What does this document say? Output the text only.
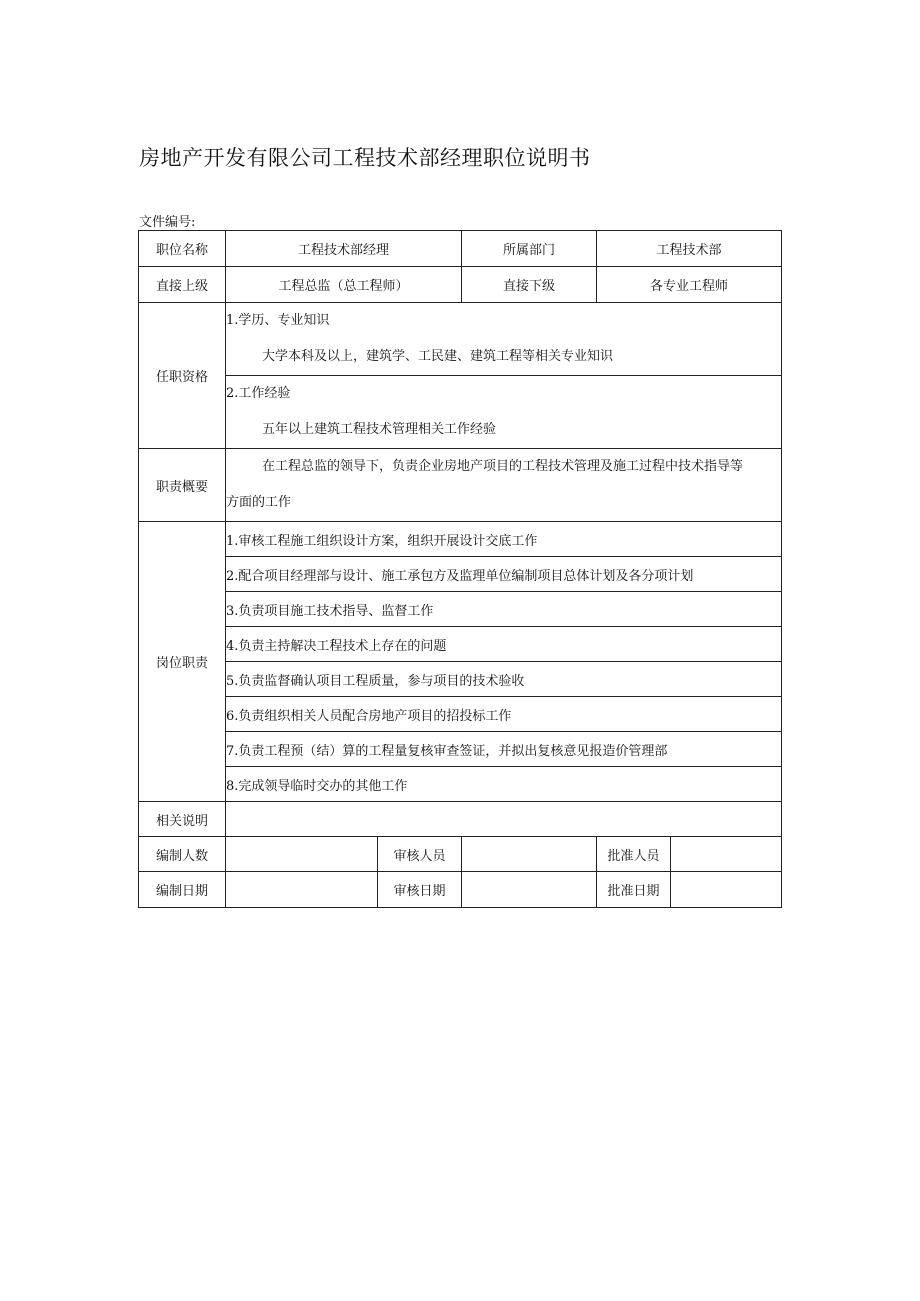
房地产开发有限公司工程技术部经理职位说明书
文件编号:
职位名称	工程技术部经理		所属部门	工程技术部	
直接上级	工程总监（总工程师）		直接下级	各专业工程师	
任职资格	1.学历、专业知识
大学本科及以上，建筑学、工民建、建筑工程等相关专业知识				

	2.工作经验
五年以上建筑工程技术管理相关工作经验				

职责概要	在工程总监的领导下，负责企业房地产项目的工程技术管理及施工过程中技术指导等
方面的工作				

岗位职责	1.审核工程施工组织设计方案，组织开展设计交底工作				
	2.配合项目经理部与设计、施工承包方及监理单位编制项目总体计划及各分项计划				
	3.负责项目施工技术指导、监督工作				
	4.负责主持解决工程技术上存在的问题				
	5.负责监督确认项目工程质量，参与项目的技术验收				
	6.负责组织相关人员配合房地产项目的招投标工作				
	7.负责工程预（结）算的工程量复核审查签证，并拟出复核意见报造价管理部				
	8.完成领导临时交办的其他工作				
相关说明					
编制人数		审核人员		批准人员	
编制日期		审核日期		批准日期	
